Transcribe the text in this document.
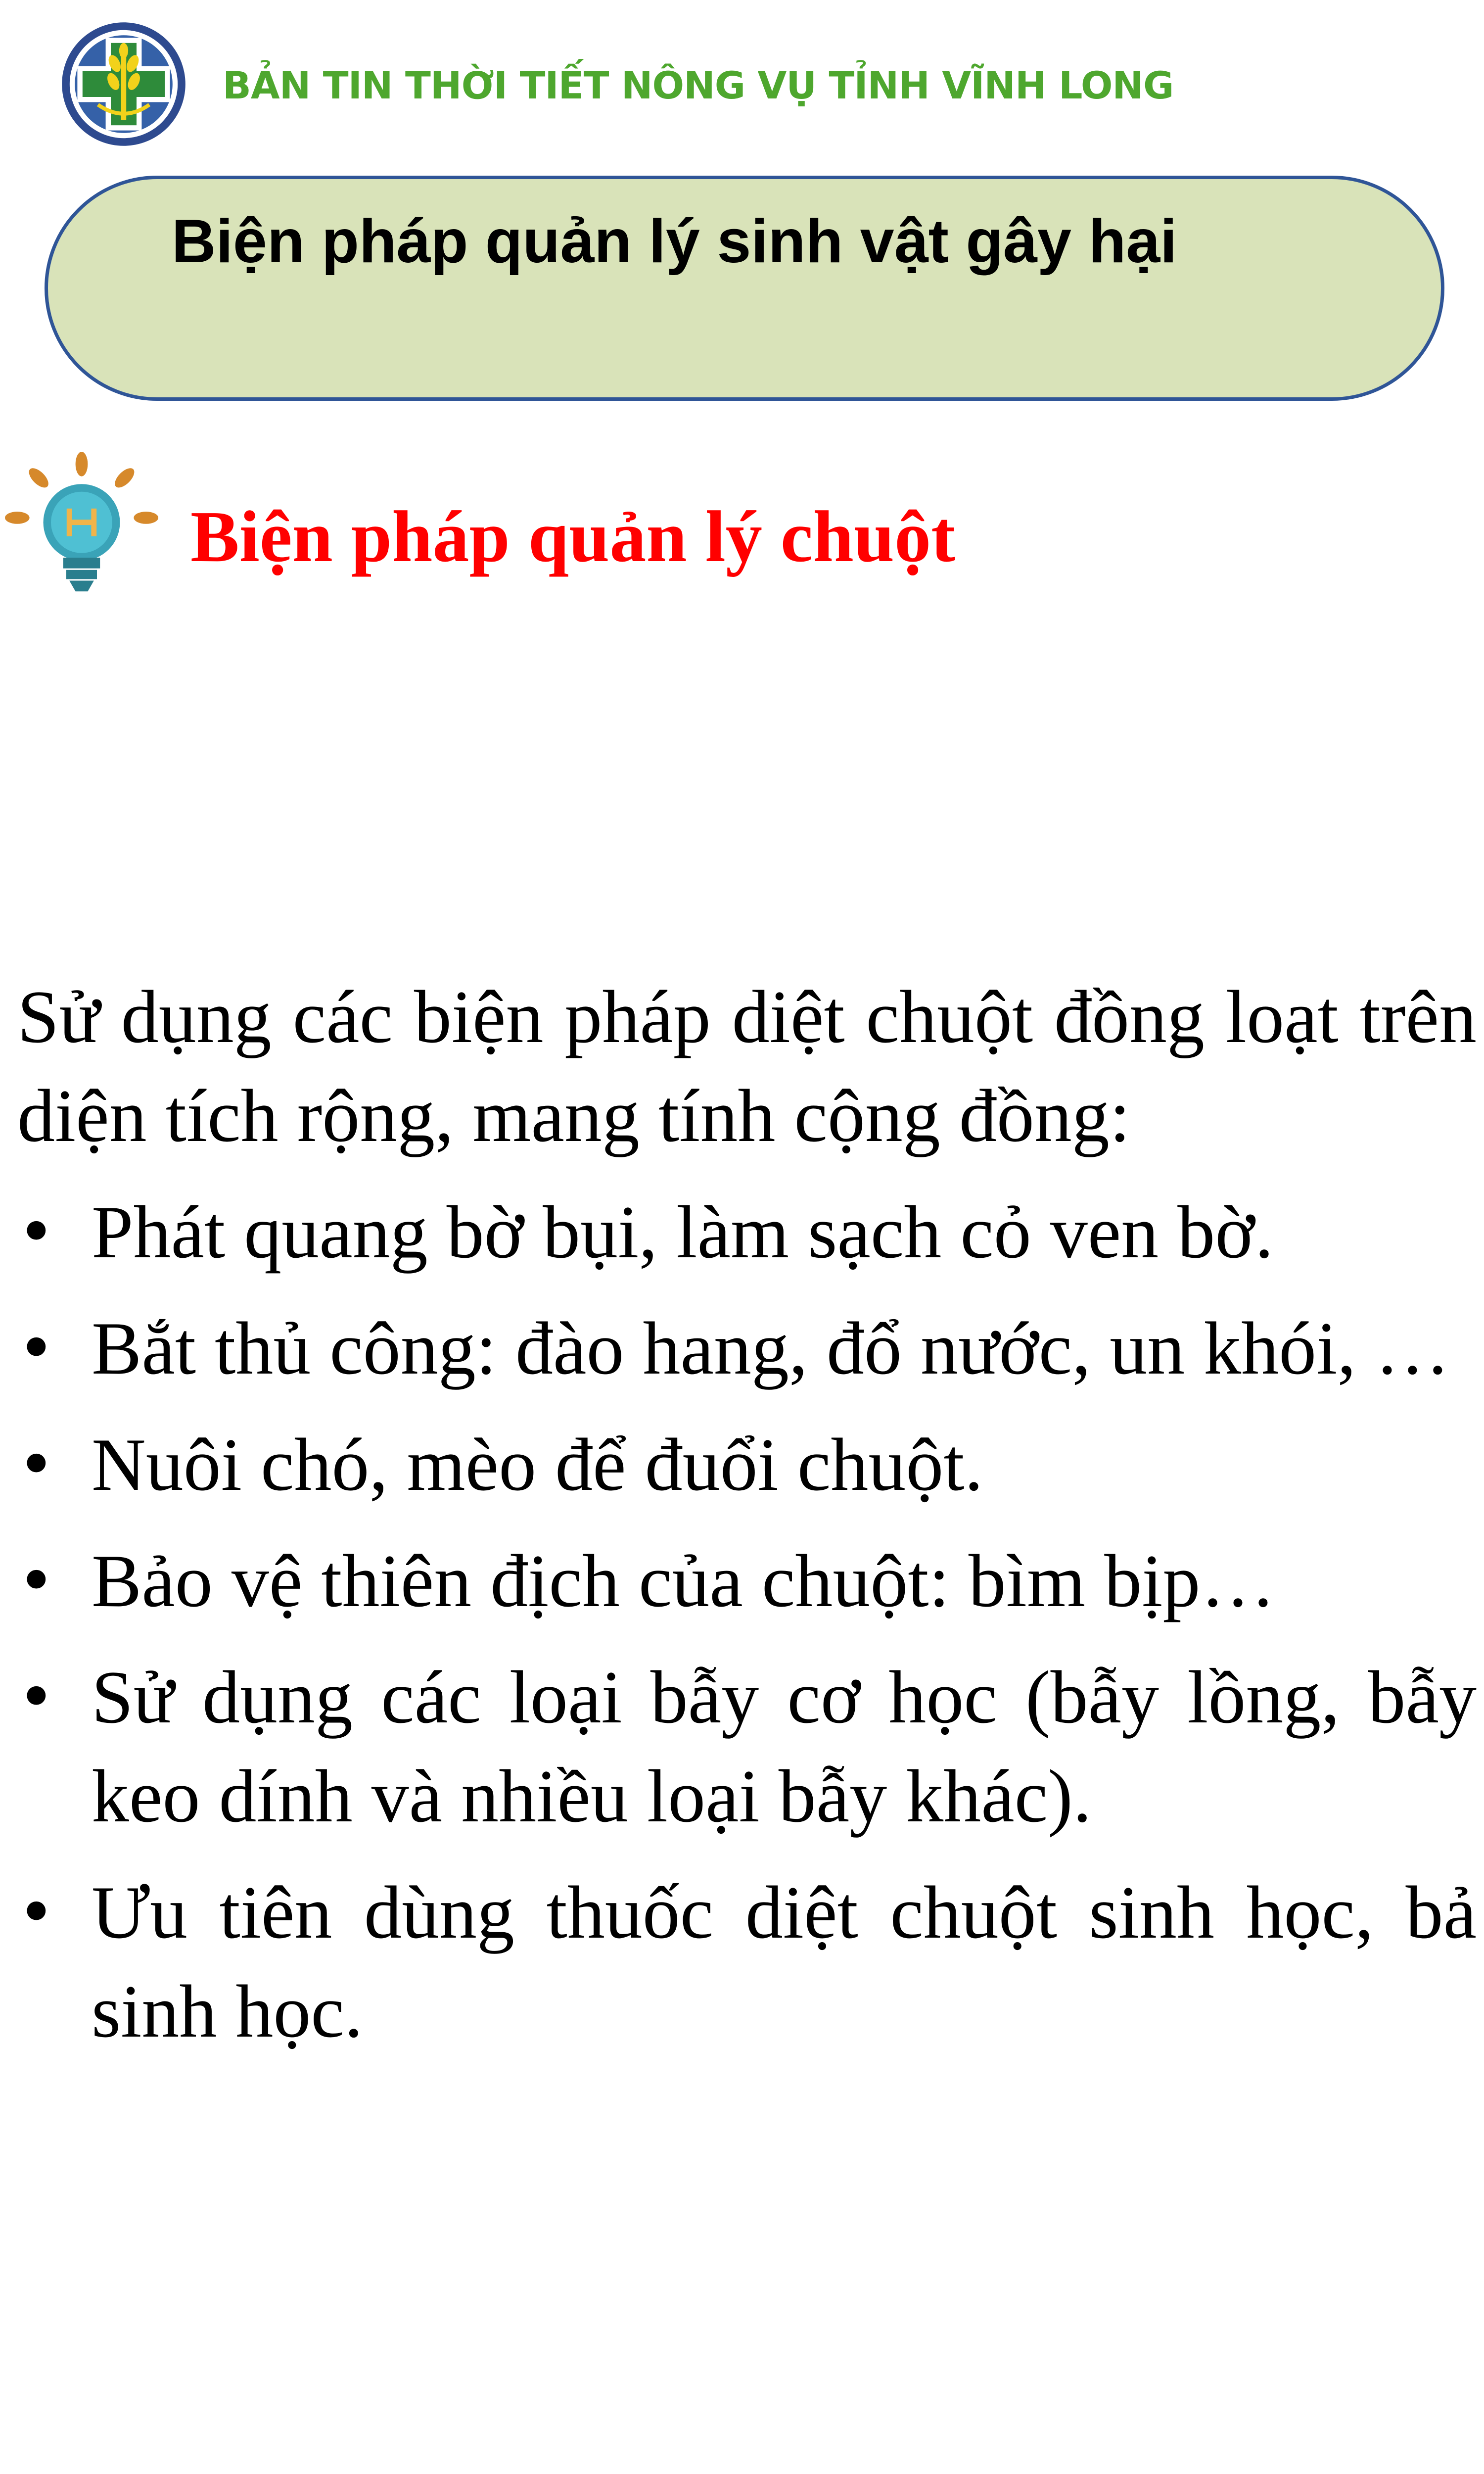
BẢN TIN THỜI TIẾT NÔNG VỤ TỈNH VĨNH LONG
Biện pháp quản lý sinh vật gây hại
Biện pháp quản lý chuột

Sử dụng các biện pháp diệt chuột đồng loạt trên diện tích rộng, mang tính cộng đồng:

• Phát quang bờ bụi, làm sạch cỏ ven bờ.
• Bắt thủ công: đào hang, đổ nước, un khói, …
• Nuôi chó, mèo để đuổi chuột.
• Bảo vệ thiên địch của chuột: bìm bịp…
• Sử dụng các loại bẫy cơ học (bẫy lồng, bẫy keo dính và nhiều loại bẫy khác).
• Ưu tiên dùng thuốc diệt chuột sinh học, bả sinh học.
